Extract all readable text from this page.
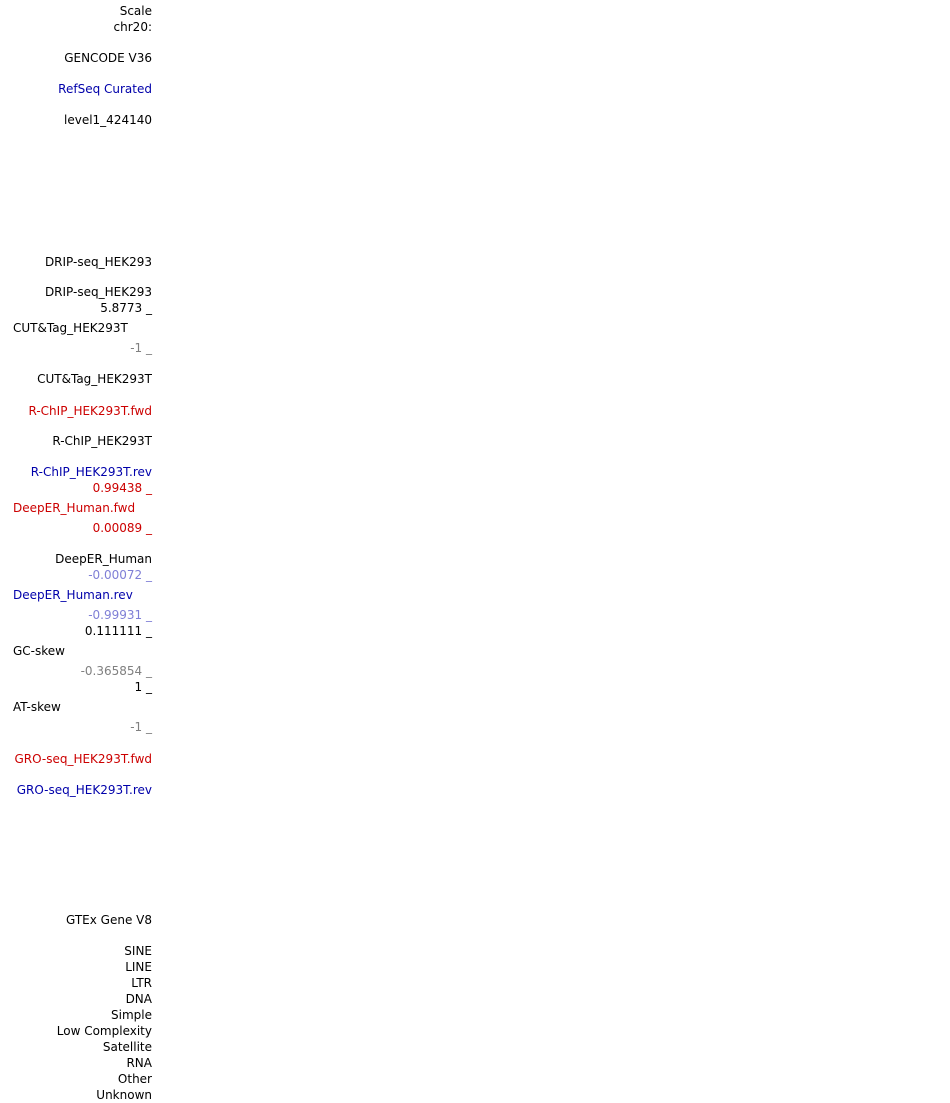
Scale
chr20:
GENCODE V36
RefSeq Curated
level1_424140
DRIP-seq_HEK293
DRIP-seq_HEK293
5.8773 _
CUT&Tag_HEK293T
-1 _
CUT&Tag_HEK293T
R-ChIP_HEK293T.fwd
R-ChIP_HEK293T
R-ChIP_HEK293T.rev
0.99438 _
DeepER_Human.fwd
0.00089 _
DeepER_Human
-0.00072 _
DeepER_Human.rev
-0.99931 _
0.111111 _
GC-skew
-0.365854 _
1 _
AT-skew
-1 _
GRO-seq_HEK293T.fwd
GRO-seq_HEK293T.rev
GTEx Gene V8
SINE
LINE
LTR
DNA
Simple
Low Complexity
Satellite
RNA
Other
Unknown
